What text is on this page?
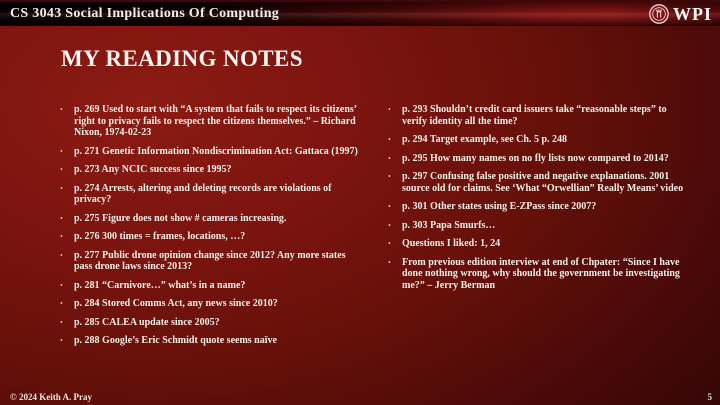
CS 3043 Social Implications Of Computing	WPI
MY READING NOTES
•	p. 269 Used to start with “A system that fails to respect its citizens’ right to privacy fails to respect the citizens themselves.” – Richard Nixon, 1974-02-23
•	p. 271 Genetic Information Nondiscrimination Act: Gattaca (1997)
•	p. 273 Any NCIC success since 1995?
•	p. 274 Arrests, altering and deleting records are violations of privacy?
•	p. 275 Figure does not show # cameras increasing.
•	p. 276 300 times = frames, locations, …?
•	p. 277 Public drone opinion change since 2012? Any more states pass drone laws since 2013?
•	p. 281 “Carnivore…” what’s in a name?
•	p. 284 Stored Comms Act, any news since 2010?
•	p. 285 CALEA update since 2005?
•	p. 288 Google’s Eric Schmidt quote seems naïve
•	p. 293 Shouldn’t credit card issuers take “reasonable steps” to verify identity all the time?
•	p. 294 Target example, see Ch. 5 p. 248
•	p. 295 How many names on no fly lists now compared to 2014?
•	p. 297 Confusing false positive and negative explanations. 2001 source old for claims. See ‘What “Orwellian” Really Means’ video
•	p. 301 Other states using E-ZPass since 2007?
•	p. 303 Papa Smurfs…
•	Questions I liked: 1, 24
•	From previous edition interview at end of Chpater: “Since I have done nothing wrong, why should the government be investigating me?” – Jerry Berman
© 2024 Keith A. Pray	5
